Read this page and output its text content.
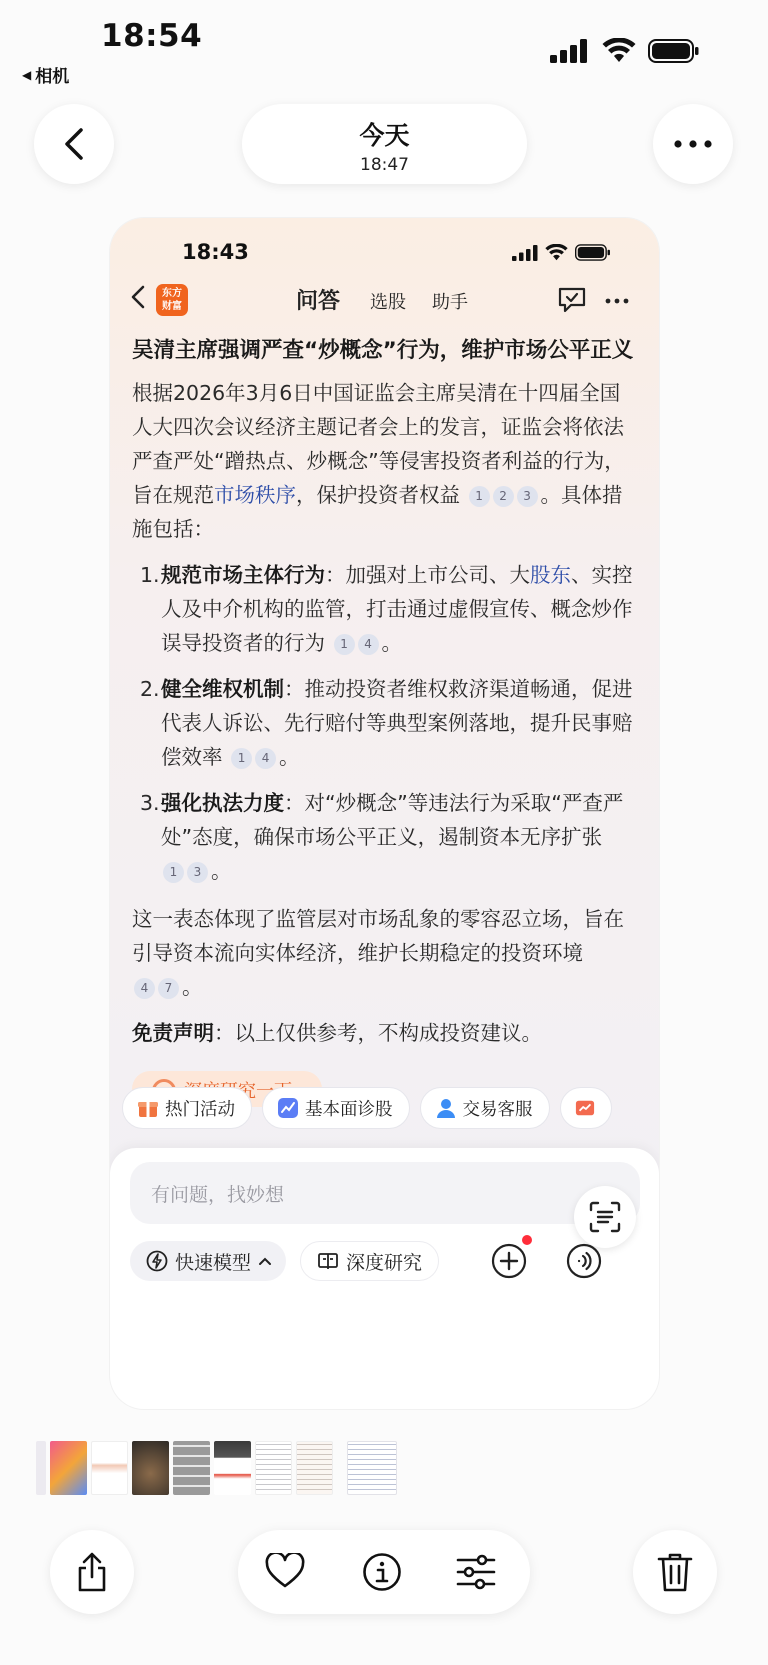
18:54
◀ 相机
今天
18:47
18:43
东方
财富	问答 选股 助手
吴清主席强调严查“炒概念”行为，维护市场公平正义
根据2026年3月6日中国证监会主席吴清在十四届全国人大四次会议经济主题记者会上的发言，证监会将依法严查严处“蹭热点、炒概念”等侵害投资者利益的行为，旨在规范市场秩序，保护投资者权益 1 2 3 。具体措施包括：
1. 规范市场主体行为：加强对上市公司、大股东、实控人及中介机构的监管，打击通过虚假宣传、概念炒作误导投资者的行为 1 4 。
2. 健全维权机制：推动投资者维权救济渠道畅通，促进代表人诉讼、先行赔付等典型案例落地，提升民事赔偿效率 1 4 。
3. 强化执法力度：对“炒概念”等违法行为采取“严查严处”态度，确保市场公平正义，遏制资本无序扩张 1 3 。
这一表态体现了监管层对市场乱象的零容忍立场，旨在引导资本流向实体经济，维护长期稳定的投资环境 4 7 。
免责声明：以上仅供参考，不构成投资建议。
热门活动	基本面诊股	交易客服
有问题，找妙想
快速模型	深度研究
